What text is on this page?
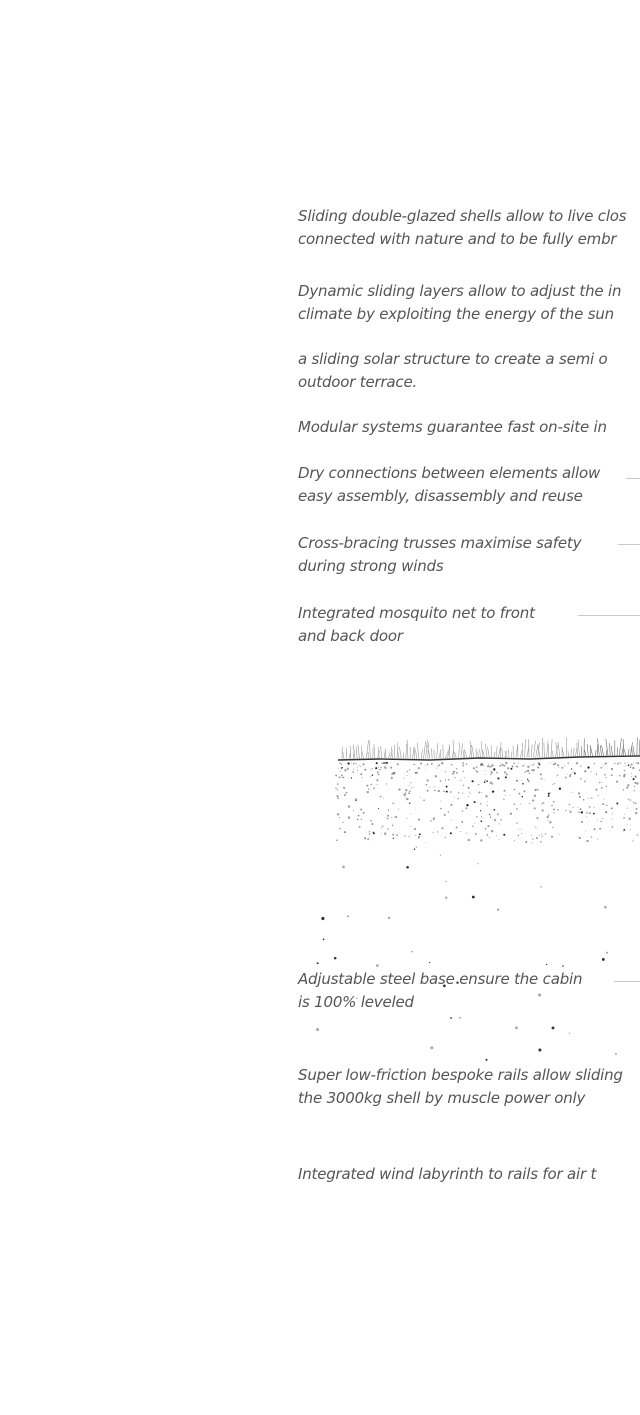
Sliding double-glazed shells allow to live clos
connected with nature and to be fully embr
Dynamic sliding layers allow to adjust the in
climate by exploiting the energy of the sun
a sliding solar structure to create a semi o
outdoor terrace.
Modular systems guarantee fast on-site in
Dry connections between elements allow
easy assembly, disassembly and reuse
Cross-bracing trusses maximise safety
during strong winds
Integrated mosquito net to front
and back door
Adjustable steel base ensure the cabin
is 100% leveled
Super low-friction bespoke rails allow sliding
the 3000kg shell by muscle power only
Integrated wind labyrinth to rails for air t
